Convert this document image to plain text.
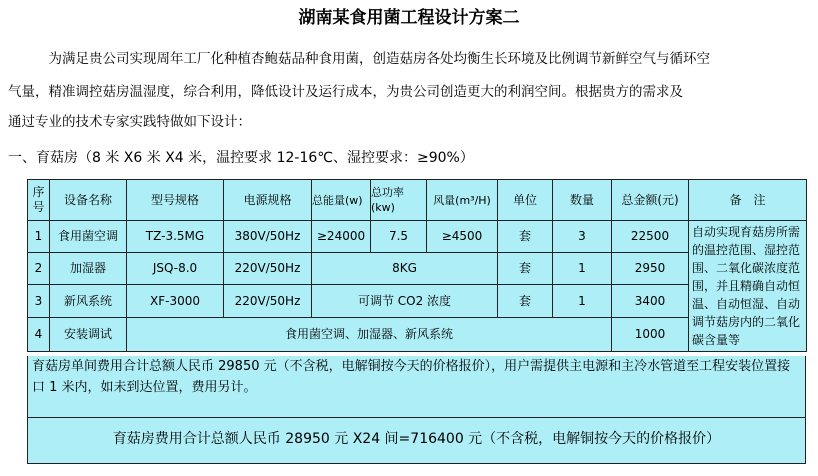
湖南某食用菌工程设计方案二
　　　为满足贵公司实现周年工厂化种植杏鲍菇品种食用菌，创造菇房各处均衡生长环境及比例调节新鲜空气与循环空
气量，精准调控菇房温湿度，综合利用，降低设计及运行成本，为贵公司创造更大的利润空间。根据贵方的需求及
通过专业的技术专家实践特做如下设计：
一、育菇房（8 米 X6 米 X4 米，温控要求 12-16℃、湿控要求：≥90%）
序号	设备名称	型号规格	电源规格	总能量(w)	总功率(kw)	风量(m³/H)	单位	数量	总金额(元)	备　注
1	食用菌空调	TZ-3.5MG	380V/50Hz	≥24000	7.5	≥4500	套	3	22500	自动实现育菇房所需的温控范围、湿控范围、二氧化碳浓度范围，并且精确自动恒温、自动恒湿、自动调节菇房内的二氧化碳含量等
2	加湿器	JSQ-8.0	220V/50Hz	8KG			套	1	2950	
3	新风系统	XF-3000	220V/50Hz	可调节 CO2 浓度			套	1	3400	
4	安装调试	食用菌空调、加湿器、新风系统							1000	
育菇房单间费用合计总额人民币 29850 元（不含税，电解铜按今天的价格报价），用户需提供主电源和主冷水管道至工程安装位置接口 1 米内，如未到达位置，费用另计。
育菇房费用合计总额人民币 28950 元 X24 间=716400 元（不含税，电解铜按今天的价格报价）
